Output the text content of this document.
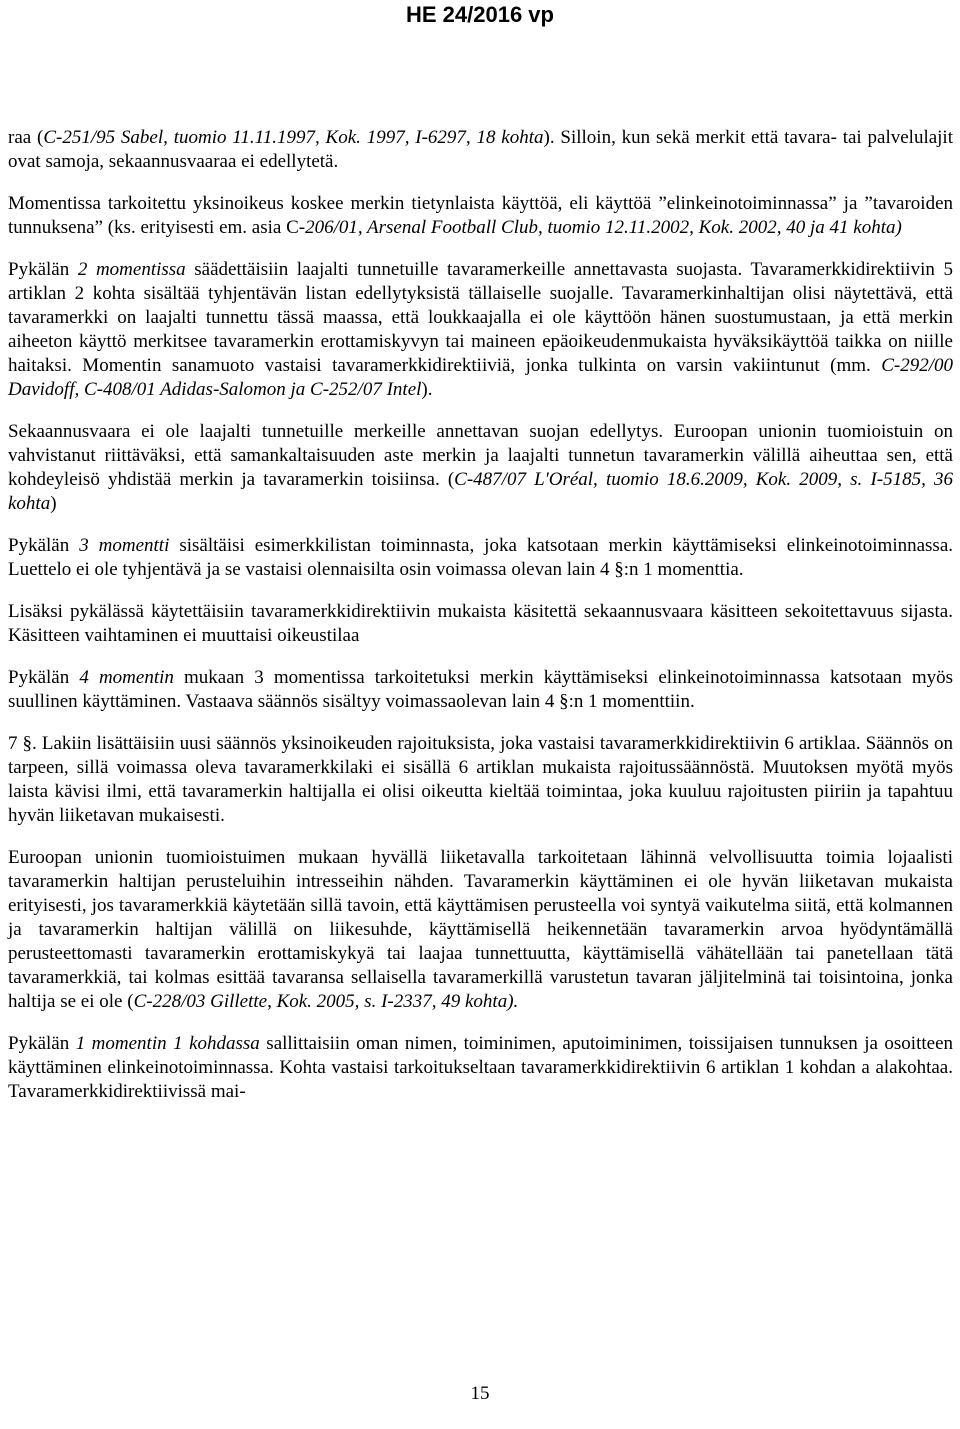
HE 24/2016 vp

raa (C-251/95 Sabel, tuomio 11.11.1997, Kok. 1997, I-6297, 18 kohta). Silloin, kun sekä merkit että tavara- tai palvelulajit ovat samoja, sekaannusvaaraa ei edellytetä.

Momentissa tarkoitettu yksinoikeus koskee merkin tietynlaista käyttöä, eli käyttöä ”elinkeinotoiminnassa” ja ”tavaroiden tunnuksena” (ks. erityisesti em. asia C-206/01, Arsenal Football Club, tuomio 12.11.2002, Kok. 2002, 40 ja 41 kohta)

Pykälän 2 momentissa säädettäisiin laajalti tunnetuille tavaramerkeille annettavasta suojasta. Tavaramerkkidirektiivin 5 artiklan 2 kohta sisältää tyhjentävän listan edellytyksistä tällaiselle suojalle. Tavaramerkinhaltijan olisi näytettävä, että tavaramerkki on laajalti tunnettu tässä maassa, että loukkaajalla ei ole käyttöön hänen suostumustaan, ja että merkin aiheeton käyttö merkitsee tavaramerkin erottamiskyvyn tai maineen epäoikeudenmukaista hyväksikäyttöä taikka on niille haitaksi. Momentin sanamuoto vastaisi tavaramerkkidirektiiviä, jonka tulkinta on varsin vakiintunut (mm. C-292/00 Davidoff, C-408/01 Adidas-Salomon ja C-252/07 Intel).

Sekaannusvaara ei ole laajalti tunnetuille merkeille annettavan suojan edellytys. Euroopan unionin tuomioistuin on vahvistanut riittäväksi, että samankaltaisuuden aste merkin ja laajalti tunnetun tavaramerkin välillä aiheuttaa sen, että kohdeyleisö yhdistää merkin ja tavaramerkin toisiinsa. (C-487/07 L'Oréal, tuomio 18.6.2009, Kok. 2009, s. I-5185, 36 kohta)

Pykälän 3 momentti sisältäisi esimerkkilistan toiminnasta, joka katsotaan merkin käyttämiseksi elinkeinotoiminnassa. Luettelo ei ole tyhjentävä ja se vastaisi olennaisilta osin voimassa olevan lain 4 §:n 1 momenttia.

Lisäksi pykälässä käytettäisiin tavaramerkkidirektiivin mukaista käsitettä sekaannusvaara käsitteen sekoitettavuus sijasta. Käsitteen vaihtaminen ei muuttaisi oikeustilaa

Pykälän 4 momentin mukaan 3 momentissa tarkoitetuksi merkin käyttämiseksi elinkeinotoiminnassa katsotaan myös suullinen käyttäminen. Vastaava säännös sisältyy voimassaolevan lain 4 §:n 1 momenttiin.

7 §. Lakiin lisättäisiin uusi säännös yksinoikeuden rajoituksista, joka vastaisi tavaramerkkidirektiivin 6 artiklaa. Säännös on tarpeen, sillä voimassa oleva tavaramerkkilaki ei sisällä 6 artiklan mukaista rajoitussäännöstä. Muutoksen myötä myös laista kävisi ilmi, että tavaramerkin haltijalla ei olisi oikeutta kieltää toimintaa, joka kuuluu rajoitusten piiriin ja tapahtuu hyvän liiketavan mukaisesti.

Euroopan unionin tuomioistuimen mukaan hyvällä liiketavalla tarkoitetaan lähinnä velvollisuutta toimia lojaalisti tavaramerkin haltijan perusteluihin intresseihin nähden. Tavaramerkin käyttäminen ei ole hyvän liiketavan mukaista erityisesti, jos tavaramerkkiä käytetään sillä tavoin, että käyttämisen perusteella voi syntyä vaikutelma siitä, että kolmannen ja tavaramerkin haltijan välillä on liikesuhde, käyttämisellä heikennetään tavaramerkin arvoa hyödyntämällä perusteettomasti tavaramerkin erottamiskykyä tai laajaa tunnettuutta, käyttämisellä vähätellään tai panetellaan tätä tavaramerkkiä, tai kolmas esittää tavaransa sellaisella tavaramerkillä varustetun tavaran jäljitelminä tai toisintoina, jonka haltija se ei ole (C-228/03 Gillette, Kok. 2005, s. I-2337, 49 kohta).

Pykälän 1 momentin 1 kohdassa sallittaisiin oman nimen, toiminimen, aputoiminimen, toissijaisen tunnuksen ja osoitteen käyttäminen elinkeinotoiminnassa. Kohta vastaisi tarkoitukseltaan tavaramerkkidirektiivin 6 artiklan 1 kohdan a alakohtaa. Tavaramerkkidirektiivissä mai-

15
